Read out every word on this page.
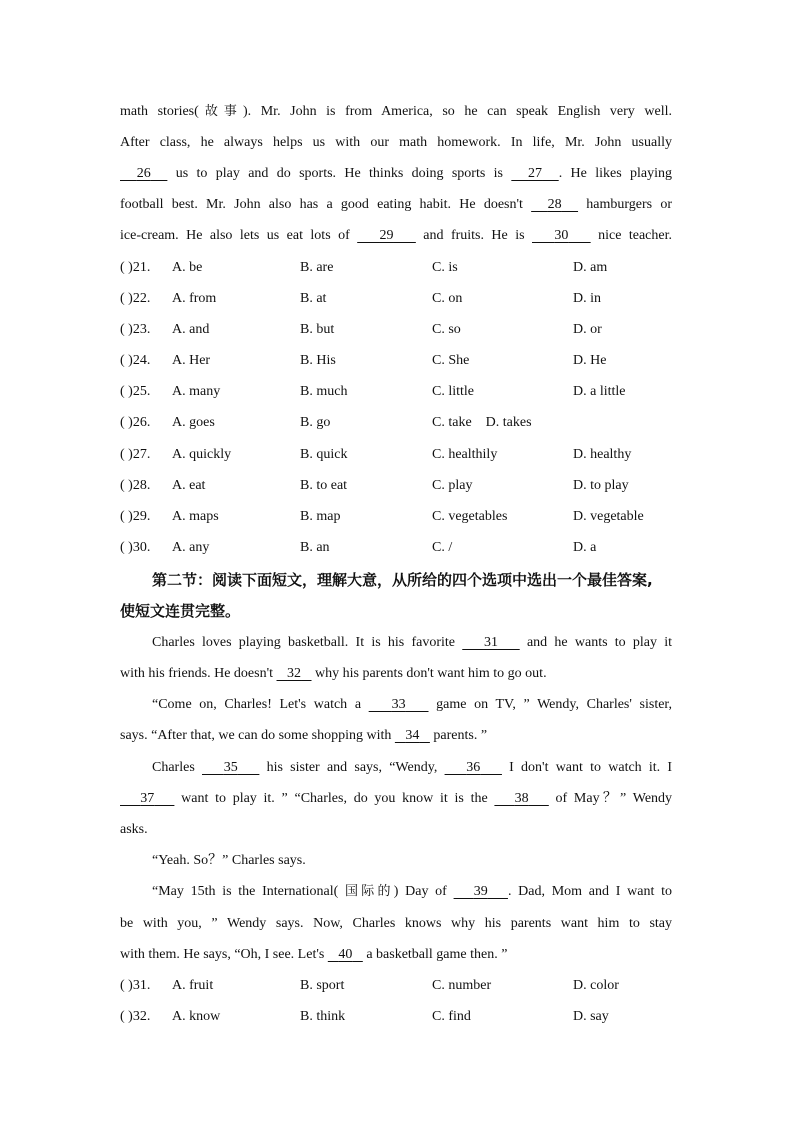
math stories(故事). Mr. John is from America, so he can speak English very well.
After class, he always helps us with our math homework. In life, Mr. John usually
26   us to play and do sports. He thinks doing sports is   27 . He likes playing
football best. Mr. John also has a good eating habit. He doesn't   28   hamburgers or
ice-cream. He also lets us eat lots of    29    and fruits. He is    30    nice teacher.
( )21. A. be	B. are	C. is	D. am
( )22. A. from	B. at	C. on	D. in
( )23. A. and	B. but	C. so	D. or
( )24. A. Her	B. His	C. She	D. He
( )25. A. many	B. much	C. little	D. a little
( )26. A. goes	B. go	C. take    D. takes
( )27. A. quickly	B. quick	C. healthily	D. healthy
( )28. A. eat	B. to eat	C. play	D. to play
( )29. A. maps	B. map	C. vegetables	D. vegetable
( )30. A. any	B. an	C. /	D. a
第二节：阅读下面短文，理解大意，从所给的四个选项中选出一个最佳答案,
使短文连贯完整。
Charles loves playing basketball. It is his favorite    31    and he wants to play it
with his friends. He doesn't    32    why his parents don't want him to go out.
“Come on, Charles! Let's watch a    33    game on TV, ” Wendy, Charles' sister,
says. “After that, we can do some shopping with    34    parents. ”
Charles    35    his sister and says, “Wendy,    36    I don't want to watch it. I
37    want to play it. ” “Charles, do you know it is the    38    of May？” Wendy
asks.
“Yeah. So？” Charles says.
“May 15th is the International( 国际的) Day of    39 . Dad, Mom and I want to
be with you, ” Wendy says. Now, Charles knows why his parents want him to stay
with them. He says, “Oh, I see. Let's    40    a basketball game then. ”
( )31. A. fruit	B. sport	C. number	D. color
( )32. A. know	B. think	C. find	D. say
